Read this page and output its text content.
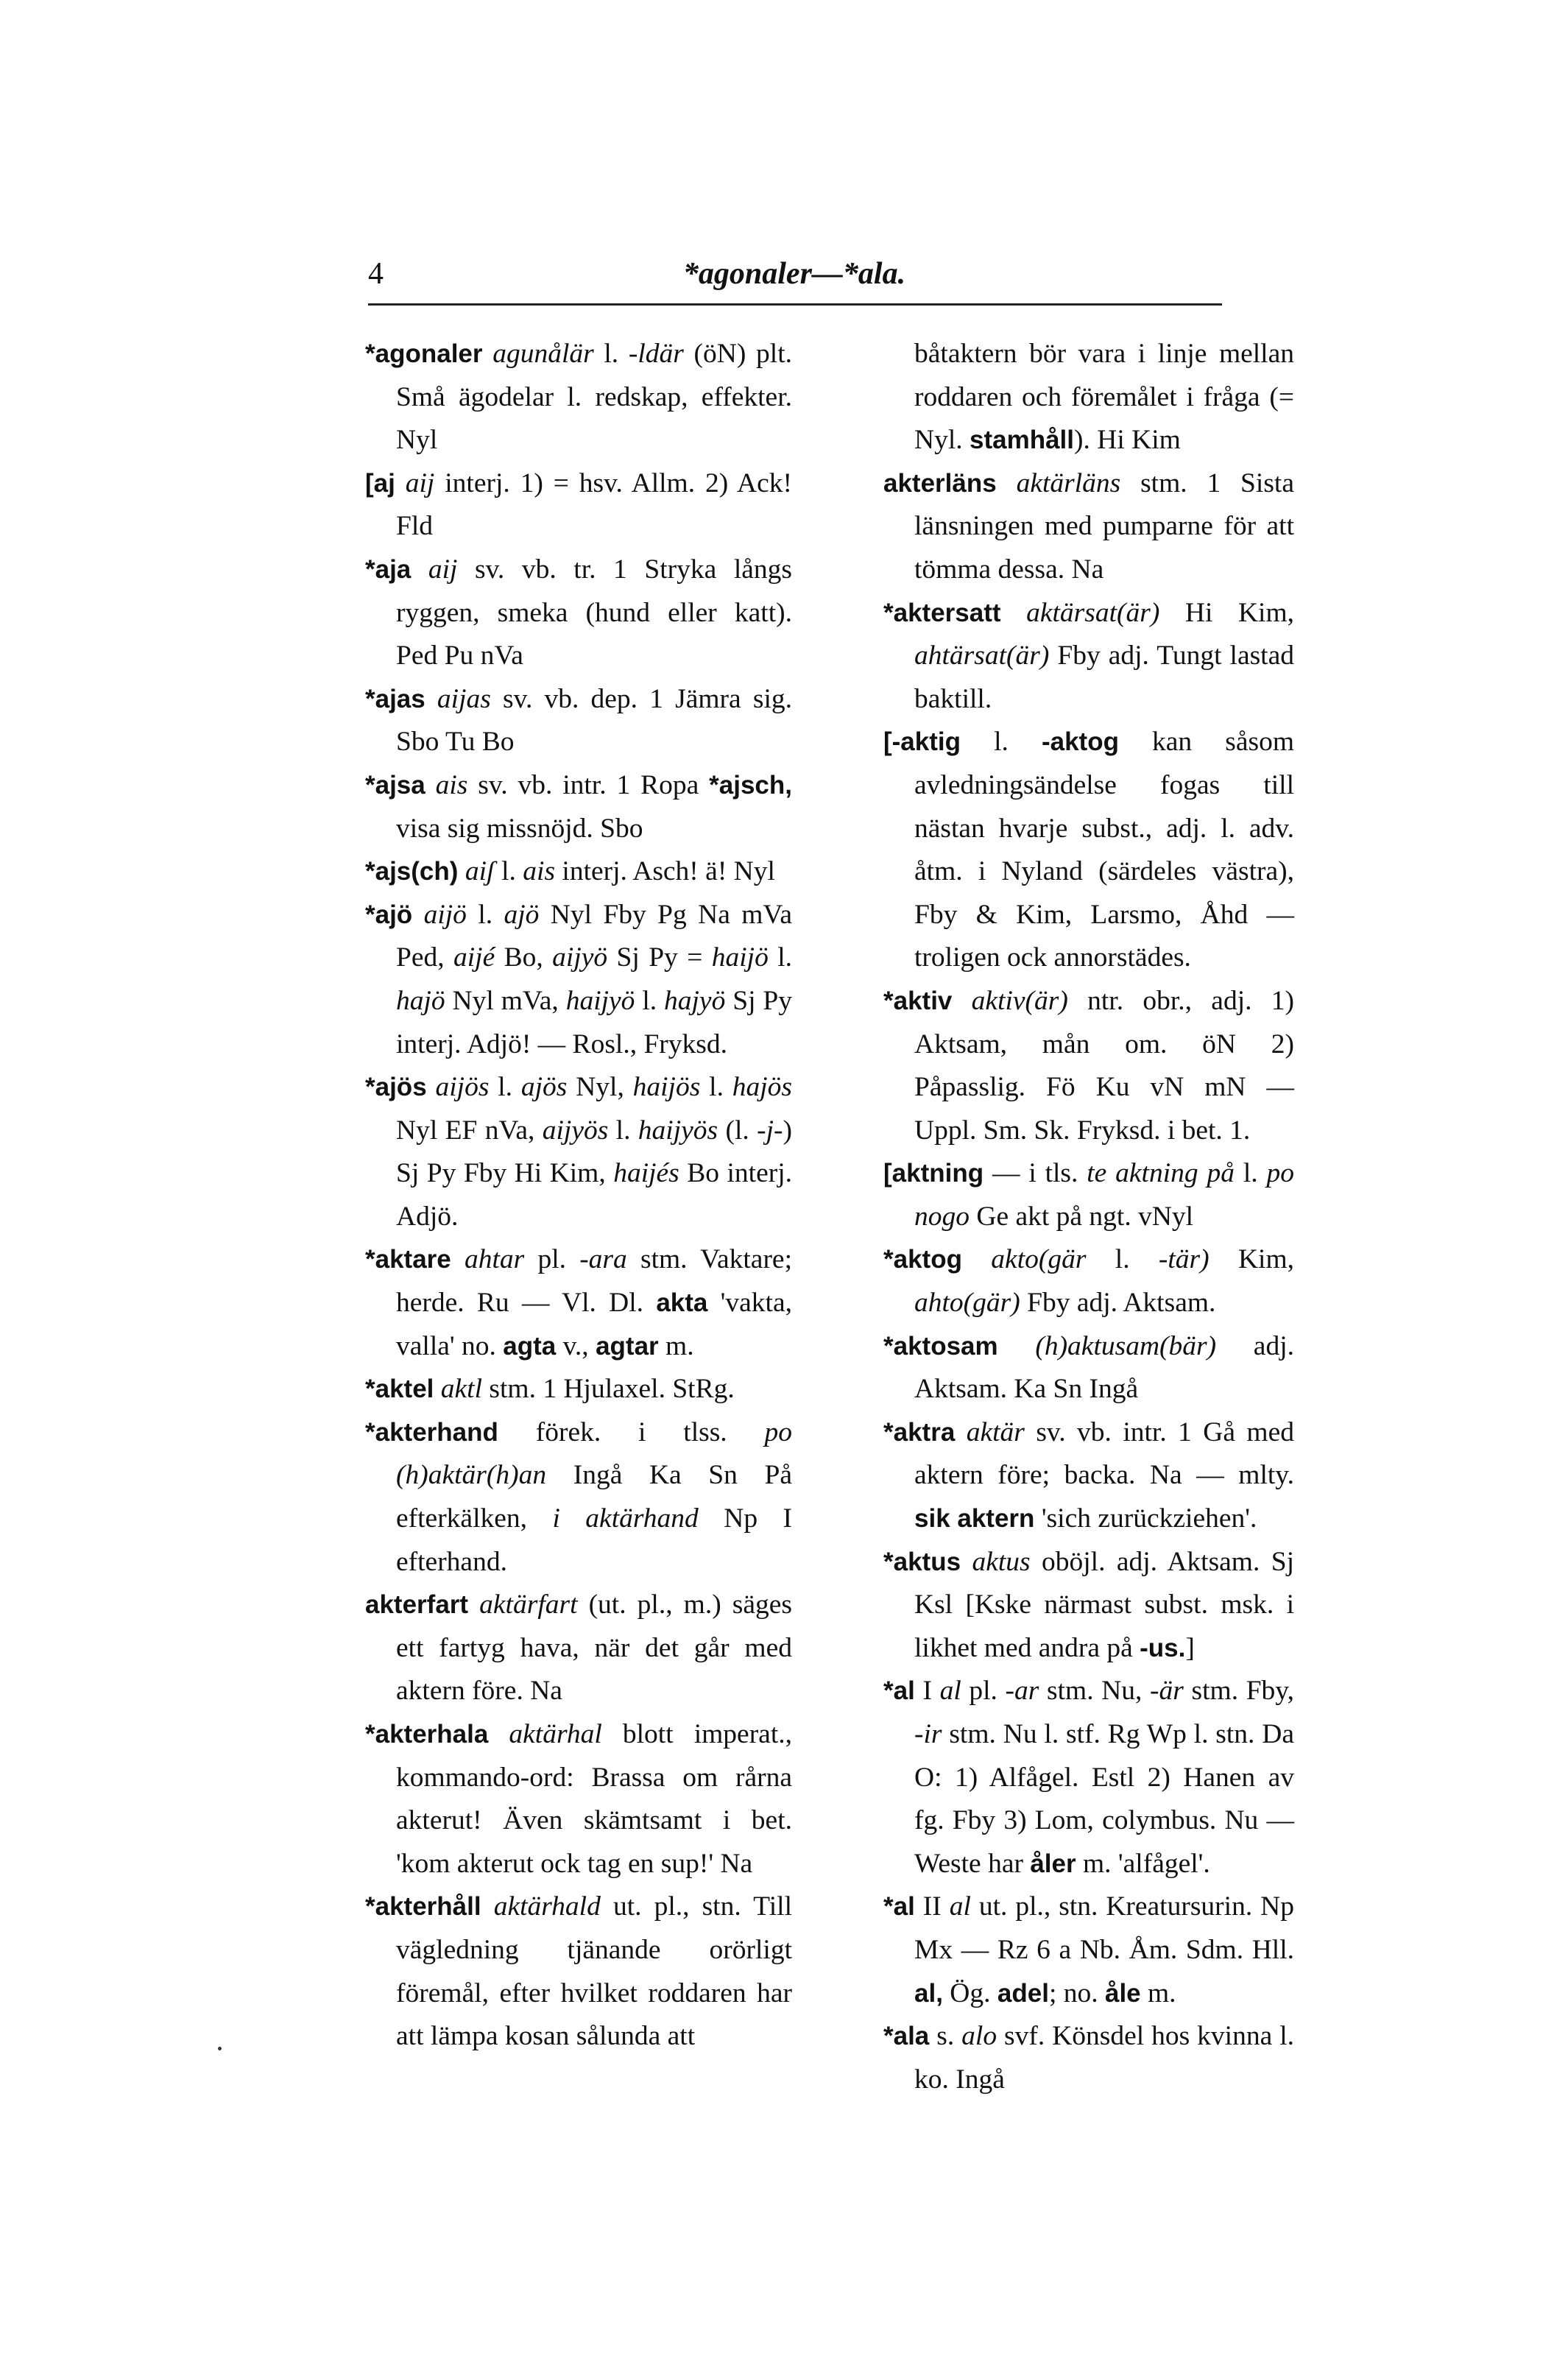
4	*agonaler—*ala.

*agonaler agunålär l. -ldär (öN) plt. Små ägodelar l. redskap, effekter. Nyl

[aj aij interj. 1) = hsv. Allm. 2) Ack! Fld

*aja aij sv. vb. tr. 1 Stryka långs ryggen, smeka (hund eller katt). Ped Pu nVa

*ajas aijas sv. vb. dep. 1 Jämra sig. Sbo Tu Bo

*ajsa ais sv. vb. intr. 1 Ropa *ajsch, visa sig missnöjd. Sbo

*ajs(ch) aiʃ l. ais interj. Asch! ä! Nyl

*ajö aijö l. ajö Nyl Fby Pg Na mVa Ped, aijé Bo, aijyö Sj Py = haijö l. hajö Nyl mVa, haijyö l. hajyö Sj Py interj. Adjö! — Rosl., Fryksd.

*ajös aijös l. ajös Nyl, haijös l. hajös Nyl EF nVa, aijyös l. haijyös (l. -j-) Sj Py Fby Hi Kim, haijés Bo interj. Adjö.

*aktare ahtar pl. -ara stm. Vaktare; herde. Ru — Vl. Dl. akta 'vakta, valla' no. agta v., agtar m.

*aktel aktl stm. 1 Hjulaxel. StRg.

*akterhand förek. i tlss. po (h)aktär(h)an Ingå Ka Sn På efterkälken, i aktärhand Np I efterhand.

akterfart aktärfart (ut. pl., m.) säges ett fartyg hava, när det går med aktern före. Na

*akterhala aktärhal blott imperat., kommando-ord: Brassa om rårna akterut! Även skämtsamt i bet. 'kom akterut ock tag en sup!' Na

*akterhåll aktärhald ut. pl., stn. Till vägledning tjänande orörligt föremål, efter hvilket roddaren har att lämpa kosan sålunda att

båtaktern bör vara i linje mellan roddaren och föremålet i fråga (= Nyl. stamhåll). Hi Kim

akterläns aktärläns stm. 1 Sista länsningen med pumparne för att tömma dessa. Na

*aktersatt aktärsat(är) Hi Kim, ahtärsat(är) Fby adj. Tungt lastad baktill.

[-aktig l. -aktog kan såsom avledningsändelse fogas till nästan hvarje subst., adj. l. adv. åtm. i Nyland (särdeles västra), Fby & Kim, Larsmo, Åhd — troligen ock annorstädes.

*aktiv aktiv(är) ntr. obr., adj. 1) Aktsam, mån om. öN 2) Påpasslig. Fö Ku vN mN — Uppl. Sm. Sk. Fryksd. i bet. 1.

[aktning — i tls. te aktning på l. po nogo Ge akt på ngt. vNyl

*aktog akto(gär l. -tär) Kim, ahto(gär) Fby adj. Aktsam.

*aktosam (h)aktusam(bär) adj. Aktsam. Ka Sn Ingå

*aktra aktär sv. vb. intr. 1 Gå med aktern före; backa. Na — mlty. sik aktern 'sich zurückziehen'.

*aktus aktus oböjl. adj. Aktsam. Sj Ksl [Kske närmast subst. msk. i likhet med andra på -us.]

*al I al pl. -ar stm. Nu, -är stm. Fby, -ir stm. Nu l. stf. Rg Wp l. stn. Da O: 1) Alfågel. Estl 2) Hanen av fg. Fby 3) Lom, colymbus. Nu — Weste har åler m. 'alfågel'.

*al II al ut. pl., stn. Kreatursurin. Np Mx — Rz 6 a Nb. Åm. Sdm. Hll. al, Ög. adel; no. åle m.

*ala s. alo svf. Könsdel hos kvinna l. ko. Ingå
